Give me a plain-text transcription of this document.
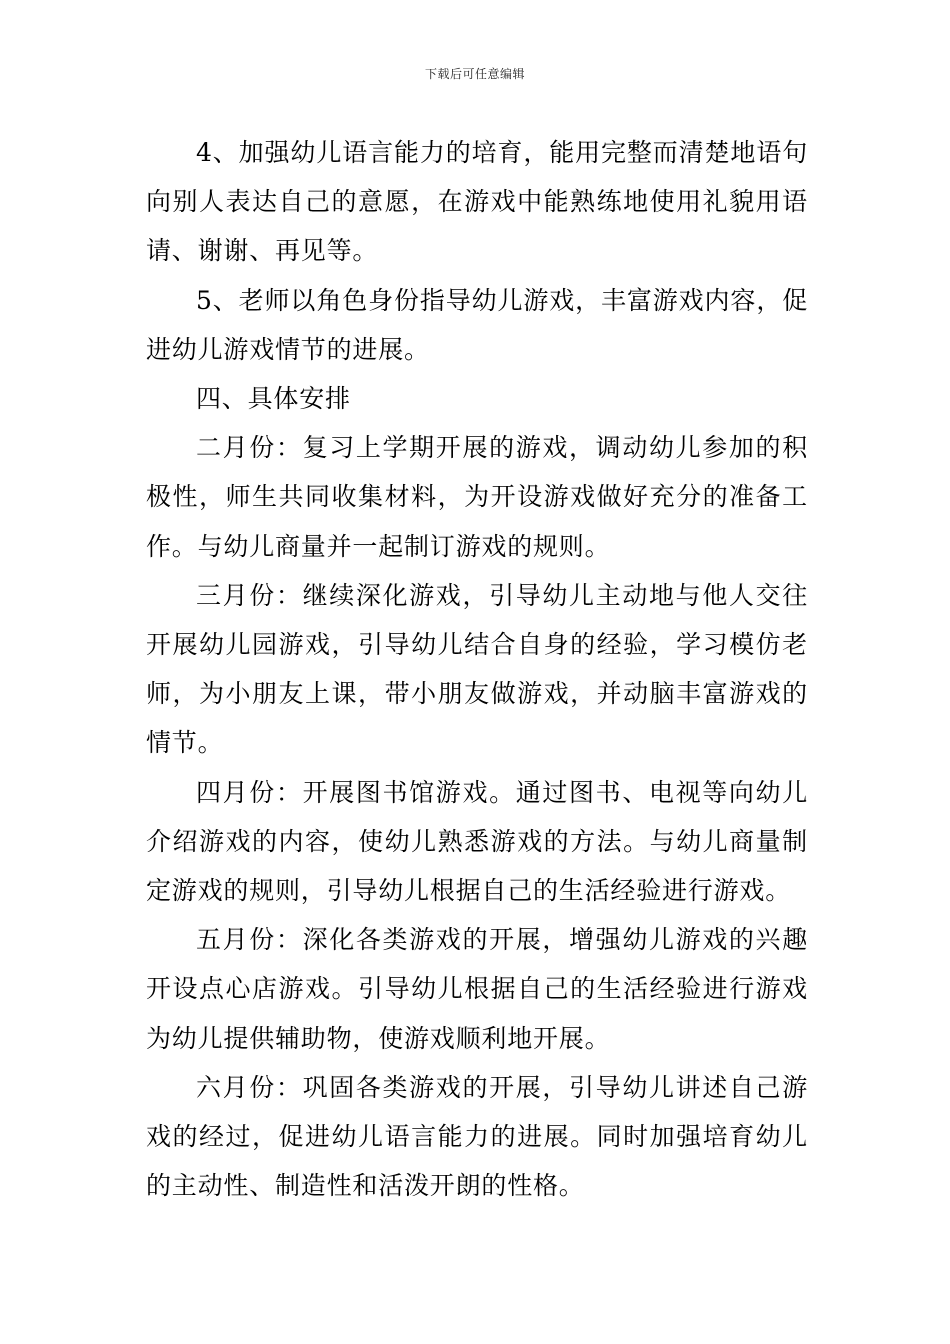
下载后可任意编辑

4、加强幼儿语言能力的培育，能用完整而清楚地语句向别人表达自己的意愿，在游戏中能熟练地使用礼貌用语请、谢谢、再见等。

5、老师以角色身份指导幼儿游戏，丰富游戏内容，促进幼儿游戏情节的进展。

四、具体安排

二月份：复习上学期开展的游戏，调动幼儿参加的积极性，师生共同收集材料，为开设游戏做好充分的准备工作。与幼儿商量并一起制订游戏的规则。

三月份：继续深化游戏，引导幼儿主动地与他人交往开展幼儿园游戏，引导幼儿结合自身的经验，学习模仿老师，为小朋友上课，带小朋友做游戏，并动脑丰富游戏的情节。

四月份：开展图书馆游戏。通过图书、电视等向幼儿介绍游戏的内容，使幼儿熟悉游戏的方法。与幼儿商量制定游戏的规则，引导幼儿根据自己的生活经验进行游戏。

五月份：深化各类游戏的开展，增强幼儿游戏的兴趣开设点心店游戏。引导幼儿根据自己的生活经验进行游戏为幼儿提供辅助物，使游戏顺利地开展。

六月份：巩固各类游戏的开展，引导幼儿讲述自己游戏的经过，促进幼儿语言能力的进展。同时加强培育幼儿的主动性、制造性和活泼开朗的性格。
